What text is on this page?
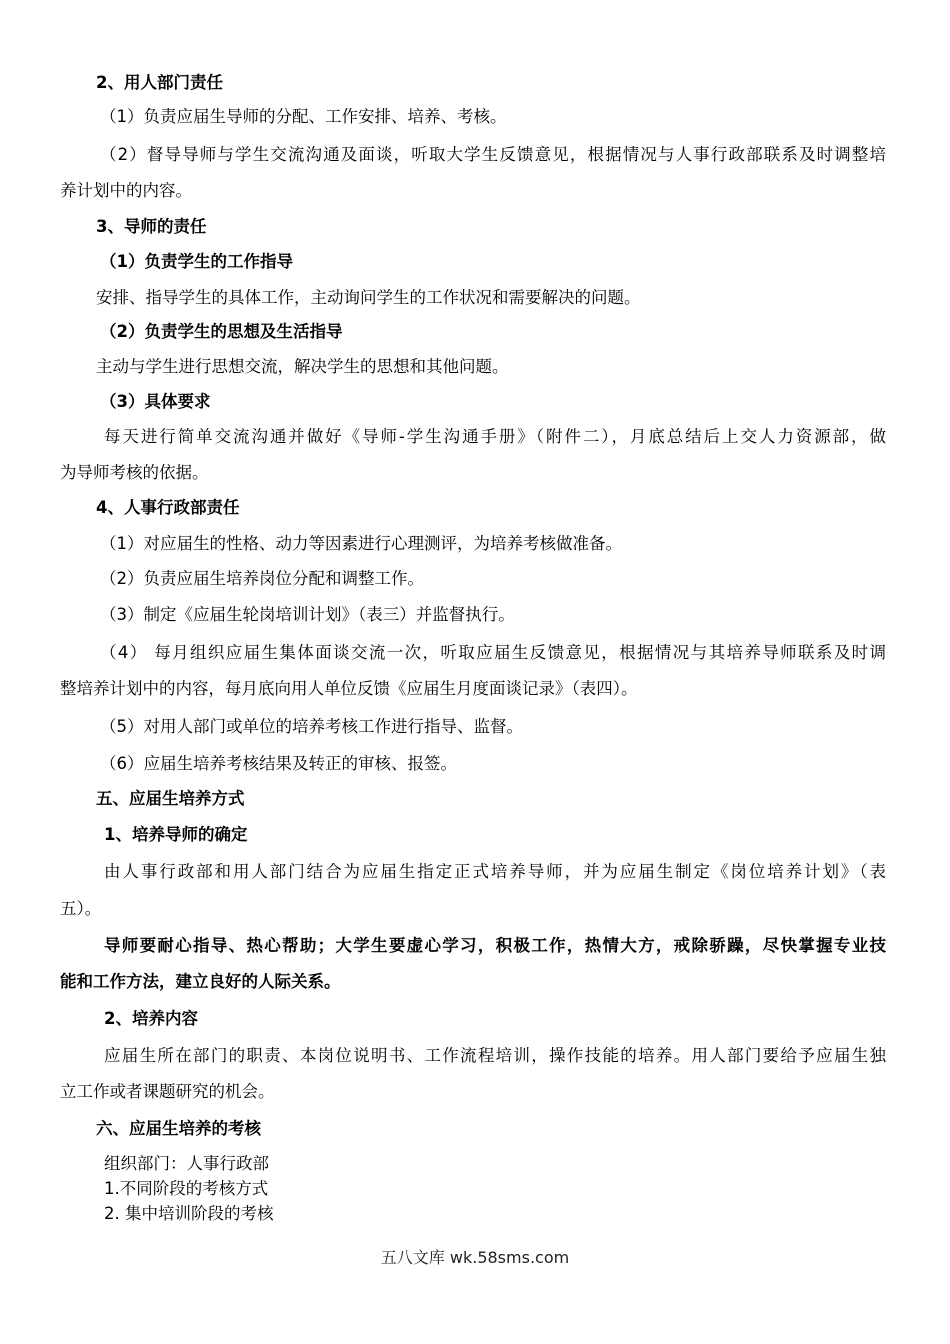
2、用人部门责任
（1）负责应届生导师的分配、工作安排、培养、考核。
（2）督导导师与学生交流沟通及面谈，听取大学生反馈意见，根据情况与人事行政部联系及时调整培
养计划中的内容。
3、导师的责任
（1）负责学生的工作指导
安排、指导学生的具体工作，主动询问学生的工作状况和需要解决的问题。
（2）负责学生的思想及生活指导
主动与学生进行思想交流，解决学生的思想和其他问题。
（3）具体要求
每天进行简单交流沟通并做好《导师-学生沟通手册》（附件二），月底总结后上交人力资源部，做
为导师考核的依据。
4、人事行政部责任
（1）对应届生的性格、动力等因素进行心理测评，为培养考核做准备。
（2）负责应届生培养岗位分配和调整工作。
（3）制定《应届生轮岗培训计划》（表三）并监督执行。
（4） 每月组织应届生集体面谈交流一次，听取应届生反馈意见，根据情况与其培养导师联系及时调
整培养计划中的内容，每月底向用人单位反馈《应届生月度面谈记录》（表四）。
（5）对用人部门或单位的培养考核工作进行指导、监督。
（6）应届生培养考核结果及转正的审核、报签。
五、应届生培养方式
1、培养导师的确定
由人事行政部和用人部门结合为应届生指定正式培养导师，并为应届生制定《岗位培养计划》（表
五）。
导师要耐心指导、热心帮助；大学生要虚心学习，积极工作，热情大方，戒除骄躁，尽快掌握专业技
能和工作方法，建立良好的人际关系。
2、培养内容
应届生所在部门的职责、本岗位说明书、工作流程培训，操作技能的培养。用人部门要给予应届生独
立工作或者课题研究的机会。
六、应届生培养的考核
组织部门：人事行政部
1.不同阶段的考核方式
2. 集中培训阶段的考核
五八文库 wk.58sms.com
